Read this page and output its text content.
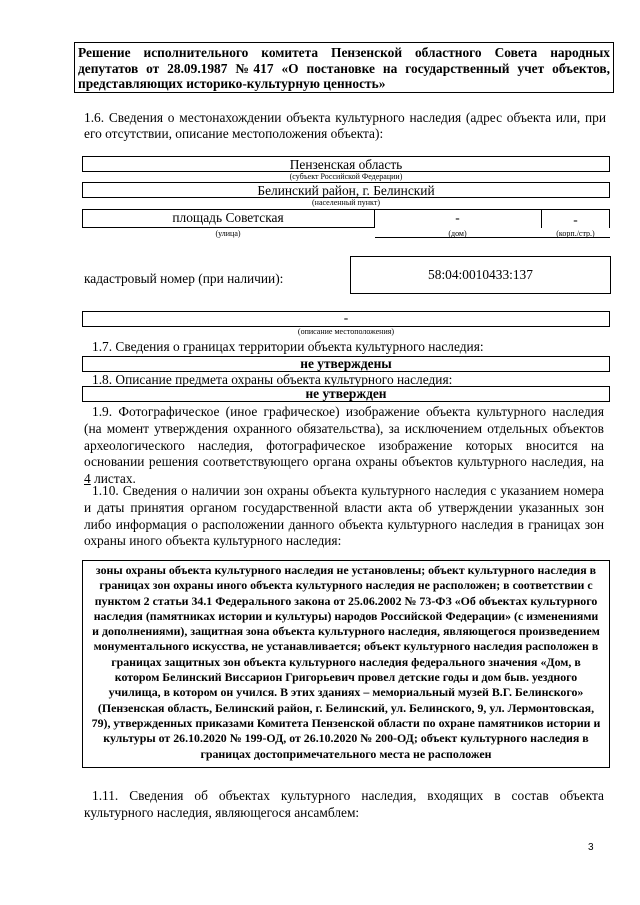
Решение исполнительного комитета Пензенской областного Совета народных депутатов от 28.09.1987 №417 «О постановке на государственный учет объектов, представляющих историко-культурную ценность»
1.6. Сведения о местонахождении объекта культурного наследия (адрес объекта или, при его отсутствии, описание местоположения объекта):
Пензенская область
(субъект Российской Федерации)
Белинский район, г. Белинский
(населенный пункт)
площадь Советская	-	-
(улица)	(дом)	(корп./стр.)
кадастровый номер (при наличии):	58:04:0010433:137
-
(описание местоположения)
1.7. Сведения о границах территории объекта культурного наследия:
не утверждены
1.8. Описание предмета охраны объекта культурного наследия:
не утвержден
1.9. Фотографическое (иное графическое) изображение объекта культурного наследия (на момент утверждения охранного обязательства), за исключением отдельных объектов археологического наследия, фотографическое изображение которых вносится на основании решения соответствующего органа охраны объектов культурного наследия, на 4 листах.
1.10. Сведения о наличии зон охраны объекта культурного наследия с указанием номера и даты принятия органом государственной власти акта об утверждении указанных зон либо информация о расположении данного объекта культурного наследия в границах зон охраны иного объекта культурного наследия:
зоны охраны объекта культурного наследия не установлены; объект культурного наследия в границах зон охраны иного объекта культурного наследия не расположен; в соответствии с пунктом 2 статьи 34.1 Федерального закона от 25.06.2002 № 73-ФЗ «Об объектах культурного наследия (памятниках истории и культуры) народов Российской Федерации» (с изменениями и дополнениями), защитная зона объекта культурного наследия, являющегося произведением монументального искусства, не устанавливается; объект культурного наследия расположен в границах защитных зон объекта культурного наследия федерального значения «Дом, в котором Белинский Виссарион Григорьевич провел детские годы и дом быв. уездного училища, в котором он учился. В этих зданиях – мемориальный музей В.Г. Белинского» (Пензенская область, Белинский район, г. Белинский, ул. Белинского, 9, ул. Лермонтовская, 79), утвержденных приказами Комитета Пензенской области по охране памятников истории и культуры от 26.10.2020 № 199-ОД, от 26.10.2020 № 200-ОД; объект культурного наследия в границах достопримечательного места не расположен
1.11. Сведения об объектах культурного наследия, входящих в состав объекта культурного наследия, являющегося ансамблем:
3
